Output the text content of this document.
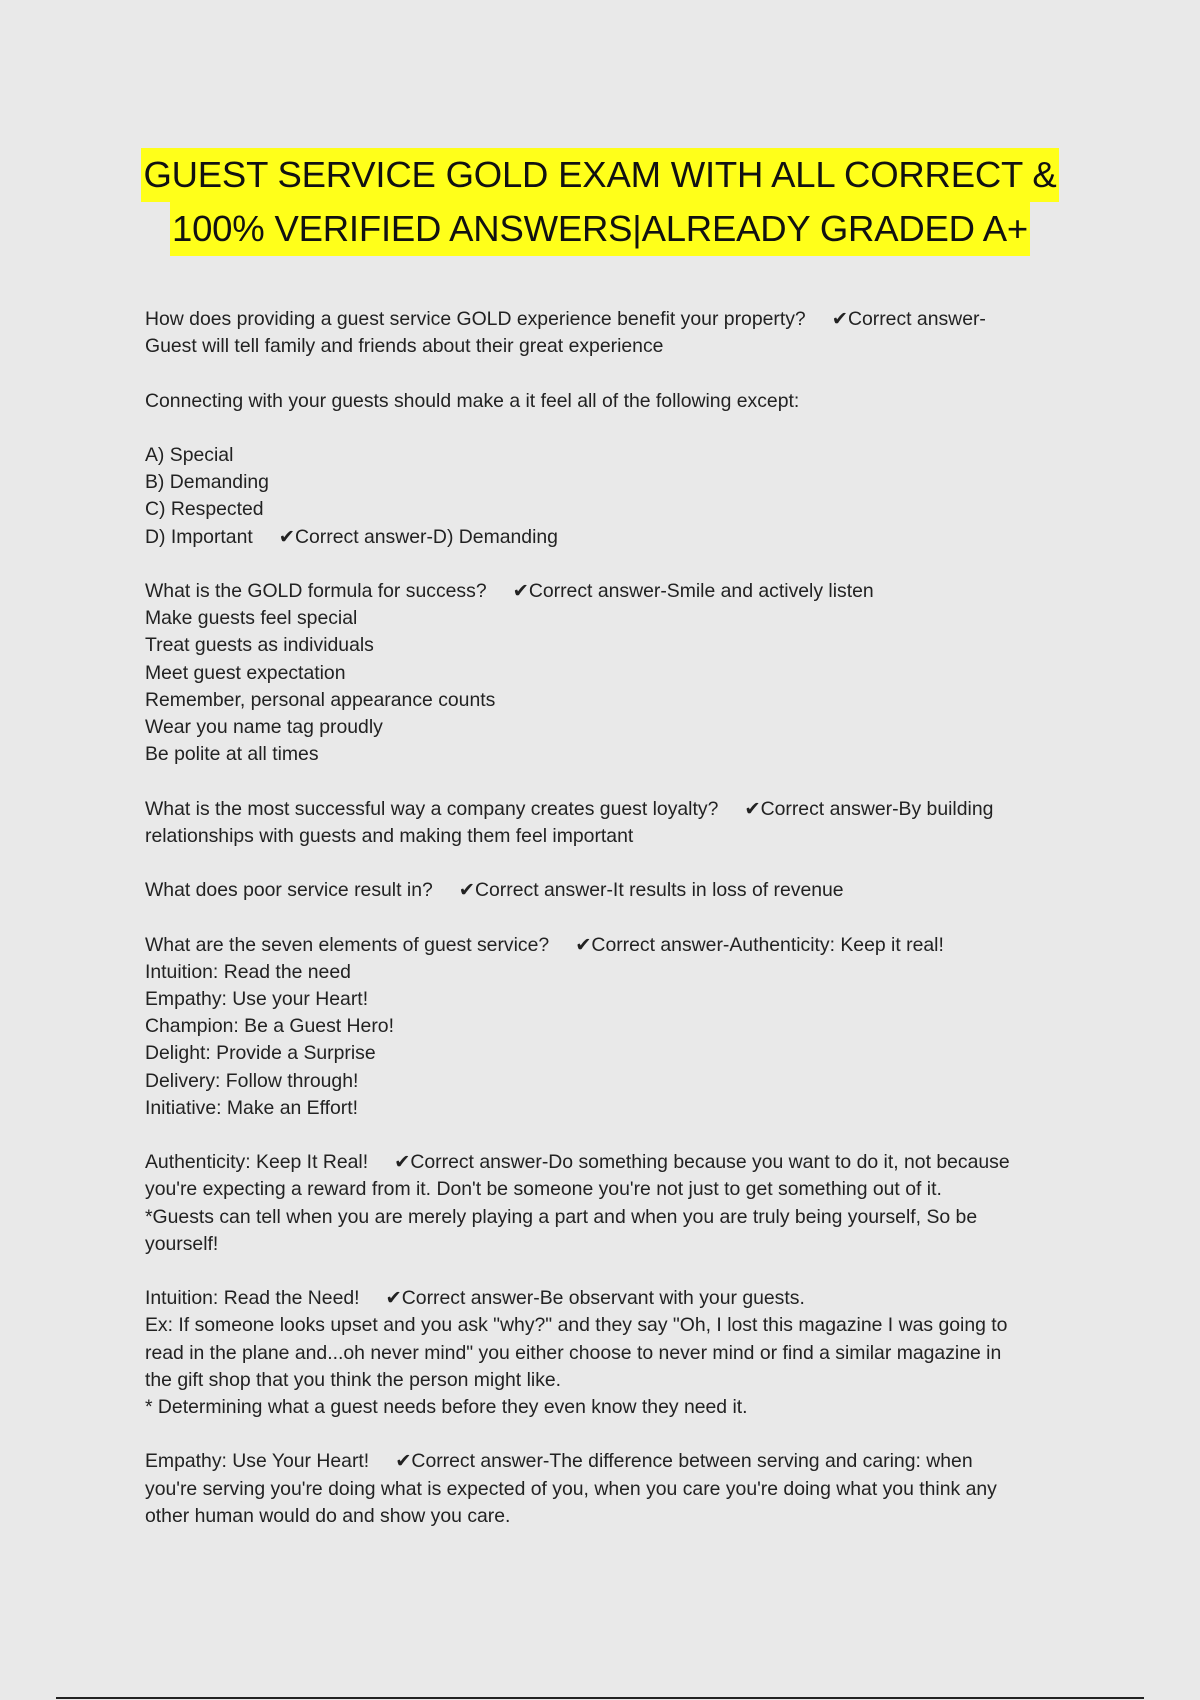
GUEST SERVICE GOLD EXAM WITH ALL CORRECT &
100% VERIFIED ANSWERS|ALREADY GRADED A+
How does providing a guest service GOLD experience benefit your property? ✔Correct answer-
Guest will tell family and friends about their great experience
Connecting with your guests should make a it feel all of the following except:
A) Special
B) Demanding
C) Respected
D) Important ✔Correct answer-D) Demanding
What is the GOLD formula for success? ✔Correct answer-Smile and actively listen
Make guests feel special
Treat guests as individuals
Meet guest expectation
Remember, personal appearance counts
Wear you name tag proudly
Be polite at all times
What is the most successful way a company creates guest loyalty? ✔Correct answer-By building
relationships with guests and making them feel important
What does poor service result in? ✔Correct answer-It results in loss of revenue
What are the seven elements of guest service? ✔Correct answer-Authenticity: Keep it real!
Intuition: Read the need
Empathy: Use your Heart!
Champion: Be a Guest Hero!
Delight: Provide a Surprise
Delivery: Follow through!
Initiative: Make an Effort!
Authenticity: Keep It Real! ✔Correct answer-Do something because you want to do it, not because
you're expecting a reward from it. Don't be someone you're not just to get something out of it.
*Guests can tell when you are merely playing a part and when you are truly being yourself, So be
yourself!
Intuition: Read the Need! ✔Correct answer-Be observant with your guests.
Ex: If someone looks upset and you ask "why?" and they say "Oh, I lost this magazine I was going to
read in the plane and...oh never mind" you either choose to never mind or find a similar magazine in
the gift shop that you think the person might like.
* Determining what a guest needs before they even know they need it.
Empathy: Use Your Heart! ✔Correct answer-The difference between serving and caring: when
you're serving you're doing what is expected of you, when you care you're doing what you think any
other human would do and show you care.
